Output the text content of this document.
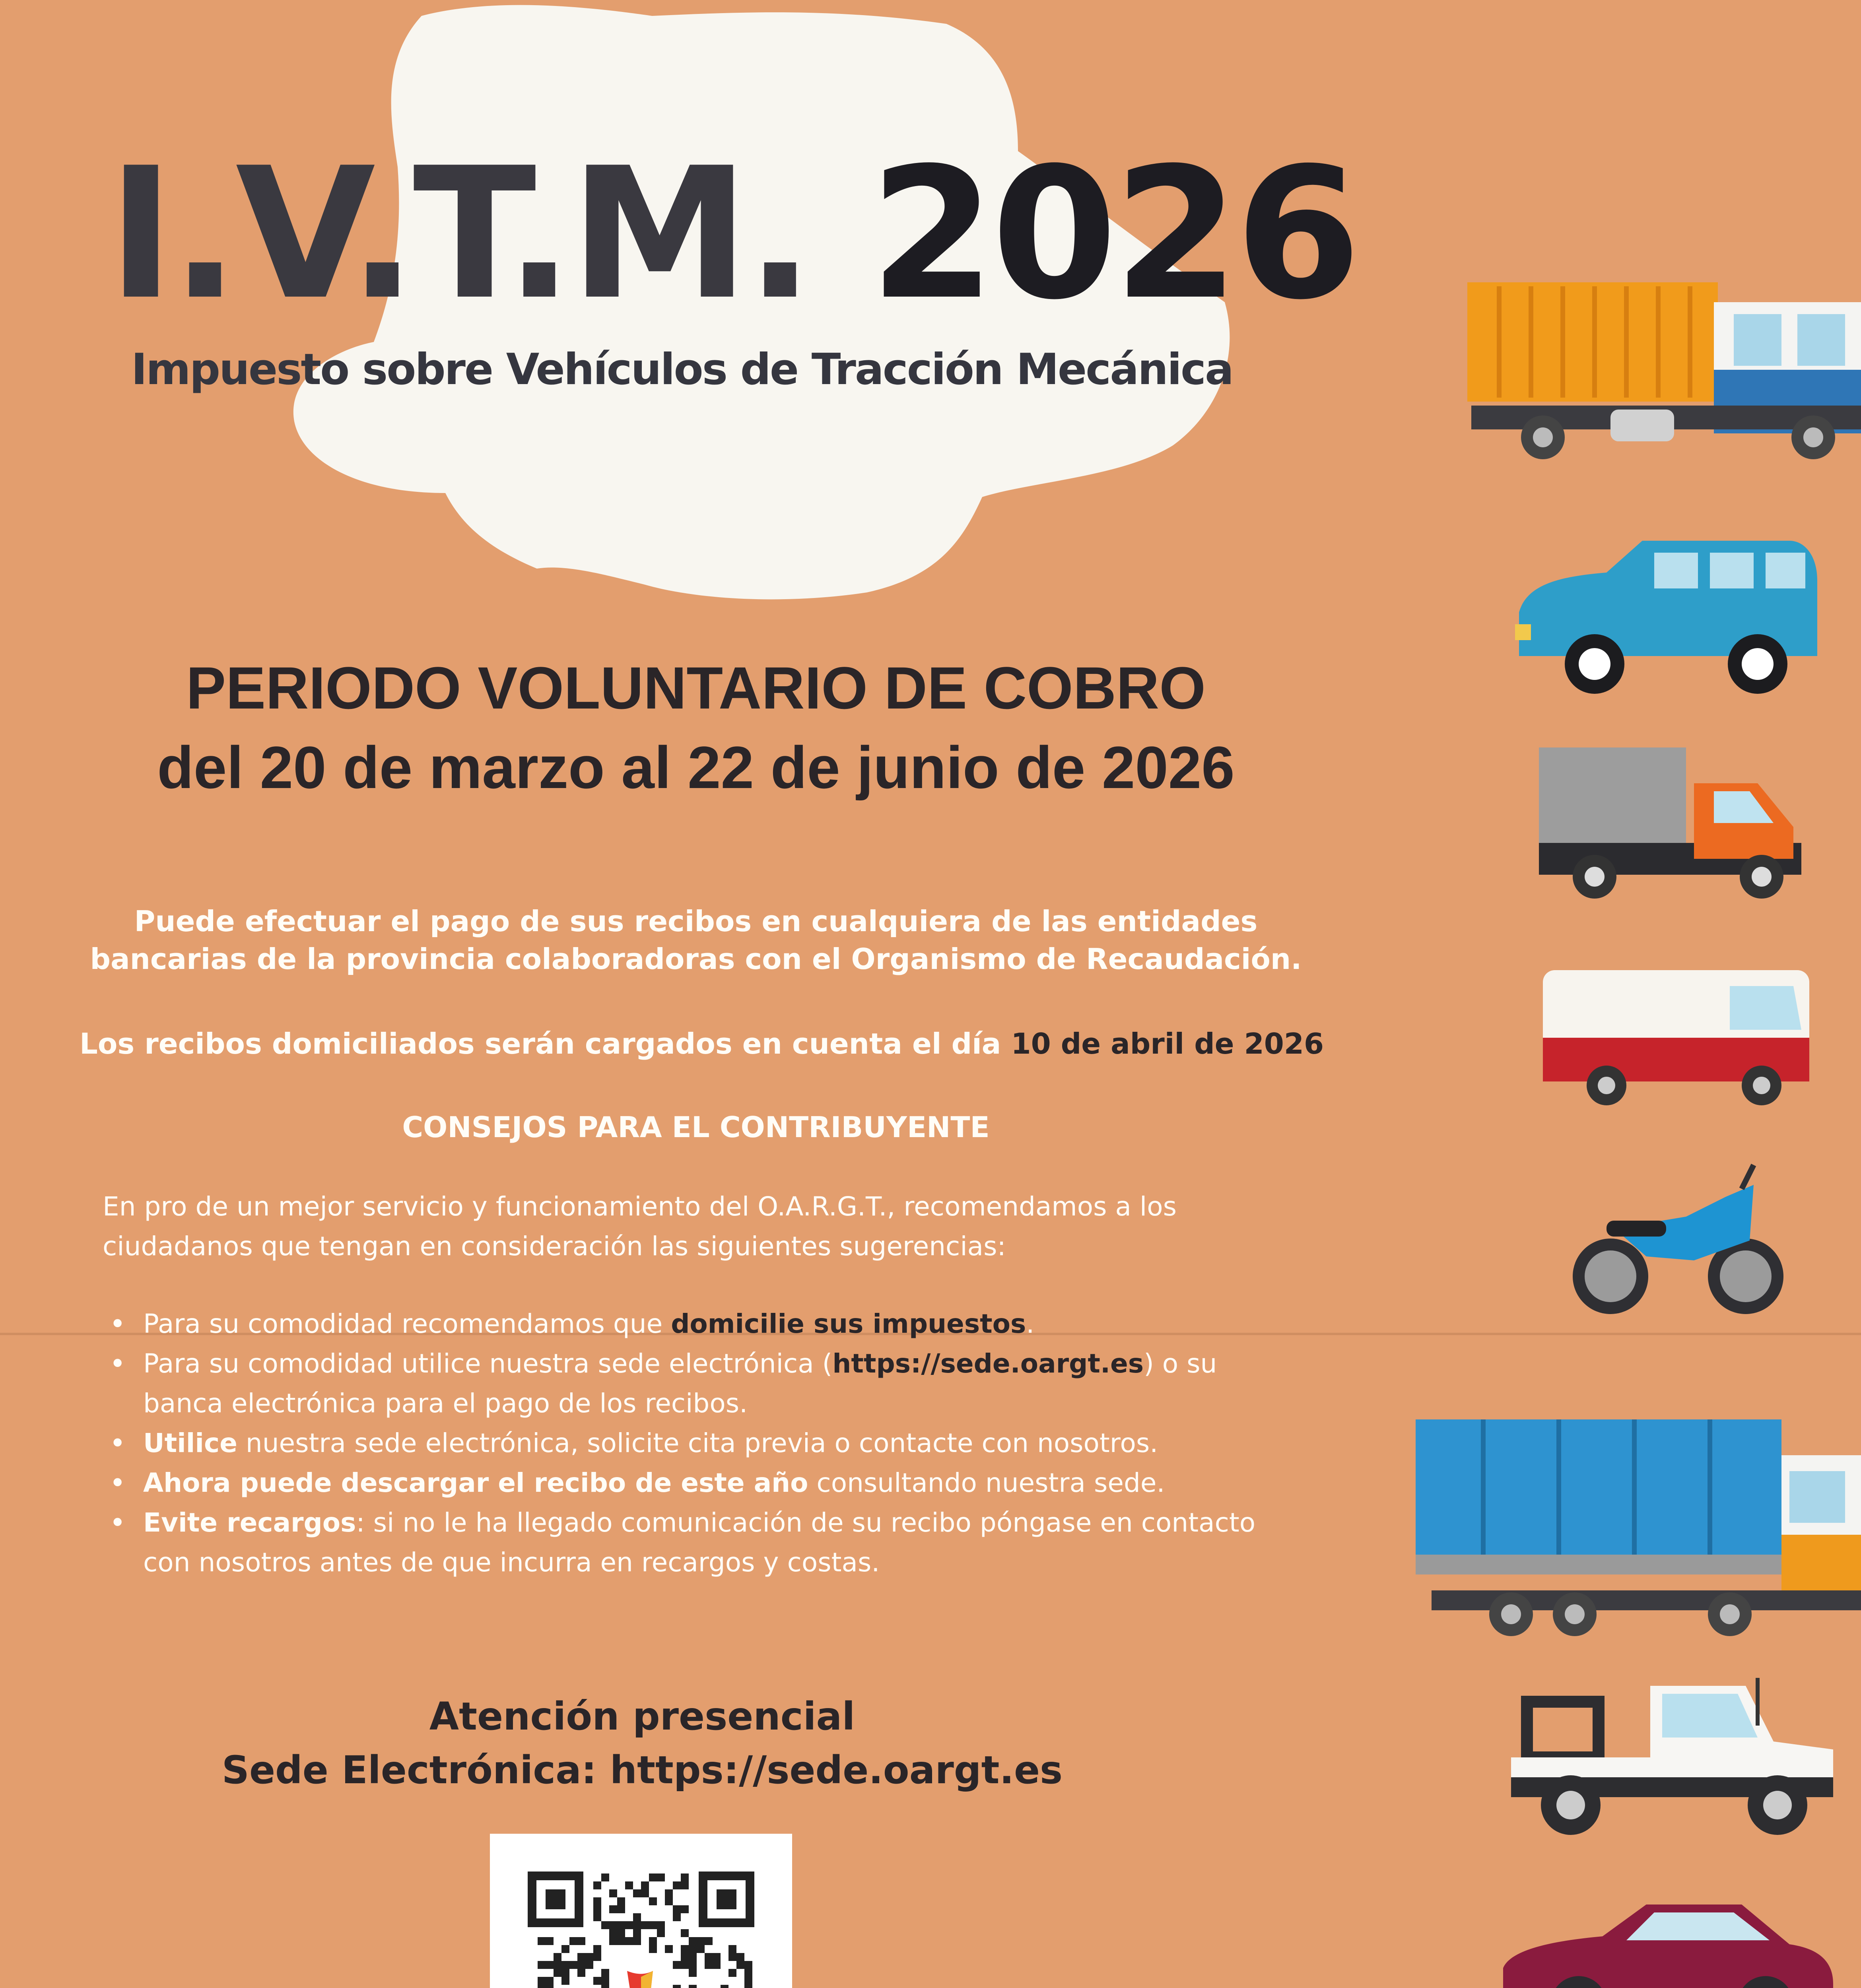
I.V.T.M. 2026
Impuesto sobre Vehículos de Tracción Mecánica
PERIODO VOLUNTARIO DE COBRO
del 20 de marzo al 22 de junio de 2026
Puede efectuar el pago de sus recibos en cualquiera de las entidades
bancarias de la provincia colaboradoras con el Organismo de Recaudación.
Los recibos domiciliados serán cargados en cuenta el día 10 de abril de 2026
CONSEJOS PARA EL CONTRIBUYENTE
En pro de un mejor servicio y funcionamiento del O.A.R.G.T., recomendamos a los ciudadanos que tengan en consideración las siguientes sugerencias:
• Para su comodidad recomendamos que domicilie sus impuestos.
• Para su comodidad utilice nuestra sede electrónica (https://sede.oargt.es) o su banca electrónica para el pago de los recibos.
• Utilice nuestra sede electrónica, solicite cita previa o contacte con nosotros.
• Ahora puede descargar el recibo de este año consultando nuestra sede.
• Evite recargos: si no le ha llegado comunicación de su recibo póngase en contacto con nosotros antes de que incurra en recargos y costas.
Atención presencial
Sede Electrónica: https://sede.oargt.es
